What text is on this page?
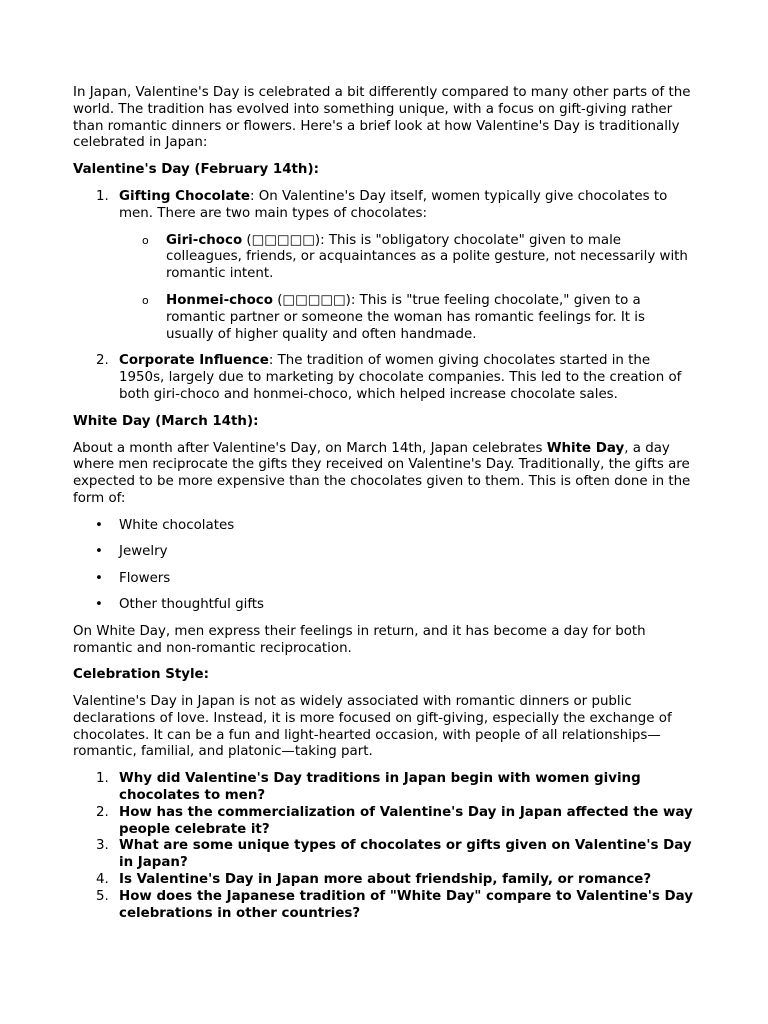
In Japan, Valentine's Day is celebrated a bit differently compared to many other parts of the world. The tradition has evolved into something unique, with a focus on gift-giving rather than romantic dinners or flowers. Here's a brief look at how Valentine's Day is traditionally celebrated in Japan:

Valentine's Day (February 14th):

1. Gifting Chocolate: On Valentine's Day itself, women typically give chocolates to men. There are two main types of chocolates:
o Giri-choco (□□□□□): This is "obligatory chocolate" given to male colleagues, friends, or acquaintances as a polite gesture, not necessarily with romantic intent.
o Honmei-choco (□□□□□): This is "true feeling chocolate," given to a romantic partner or someone the woman has romantic feelings for. It is usually of higher quality and often handmade.
2. Corporate Influence: The tradition of women giving chocolates started in the 1950s, largely due to marketing by chocolate companies. This led to the creation of both giri-choco and honmei-choco, which helped increase chocolate sales.

White Day (March 14th):

About a month after Valentine's Day, on March 14th, Japan celebrates White Day, a day where men reciprocate the gifts they received on Valentine's Day. Traditionally, the gifts are expected to be more expensive than the chocolates given to them. This is often done in the form of:

• White chocolates
• Jewelry
• Flowers
• Other thoughtful gifts

On White Day, men express their feelings in return, and it has become a day for both romantic and non-romantic reciprocation.

Celebration Style:

Valentine's Day in Japan is not as widely associated with romantic dinners or public declarations of love. Instead, it is more focused on gift-giving, especially the exchange of chocolates. It can be a fun and light-hearted occasion, with people of all relationships—romantic, familial, and platonic—taking part.

1. Why did Valentine's Day traditions in Japan begin with women giving chocolates to men?
2. How has the commercialization of Valentine's Day in Japan affected the way people celebrate it?
3. What are some unique types of chocolates or gifts given on Valentine's Day in Japan?
4. Is Valentine's Day in Japan more about friendship, family, or romance?
5. How does the Japanese tradition of "White Day" compare to Valentine's Day celebrations in other countries?
